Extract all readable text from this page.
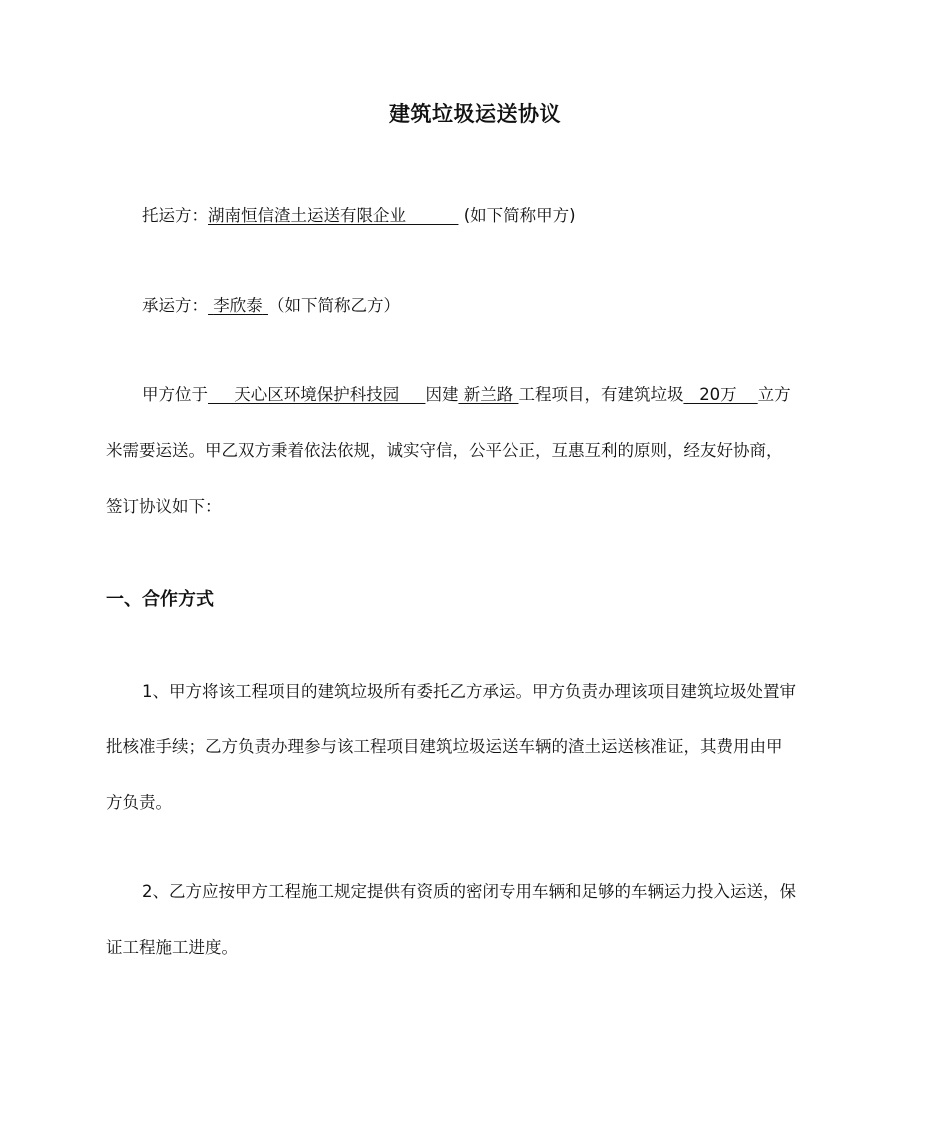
建筑垃圾运送协议
托运方：湖南恒信渣土运送有限企业	(如下简称甲方)
承运方： 李欣泰 （如下简称乙方）
甲方位于     天心区环境保护科技园     因建 新兰路 工程项目，有建筑垃圾   20万    立方
米需要运送。甲乙双方秉着依法依规，诚实守信，公平公正，互惠互利的原则，经友好协商，
签订协议如下：
一、合作方式
1、甲方将该工程项目的建筑垃圾所有委托乙方承运。甲方负责办理该项目建筑垃圾处置审
批核准手续；乙方负责办理参与该工程项目建筑垃圾运送车辆的渣土运送核准证，其费用由甲
方负责。
2、乙方应按甲方工程施工规定提供有资质的密闭专用车辆和足够的车辆运力投入运送，保
证工程施工进度。
